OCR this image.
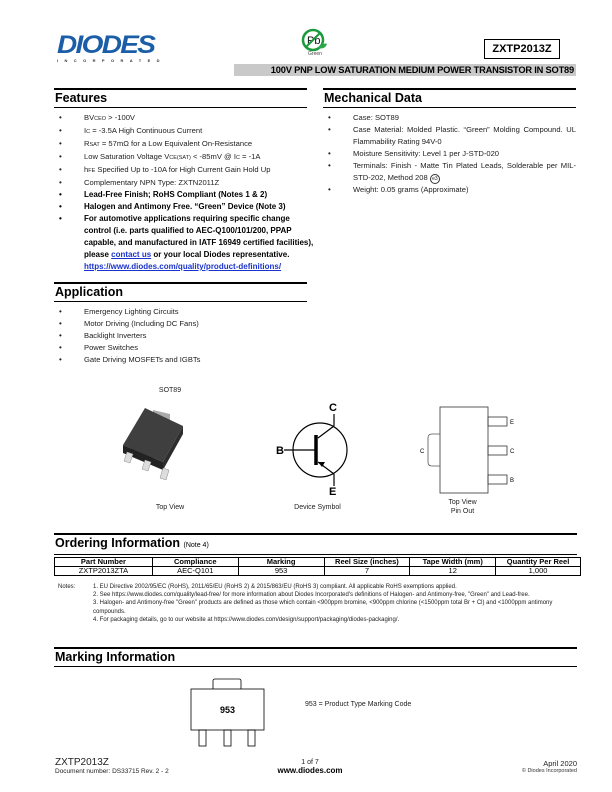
DIODES
INCORPORATED
Pb
Green	ZXTP2013Z
100V PNP LOW SATURATION MEDIUM POWER TRANSISTOR IN SOT89
Features
• BVCEO > -100V
• IC = -3.5A High Continuous Current
• RSAT = 57mΩ for a Low Equivalent On-Resistance
• Low Saturation Voltage VCE(SAT) < -85mV @ IC = -1A
• hFE Specified Up to -10A for High Current Gain Hold Up
• Complementary NPN Type: ZXTN2011Z
• Lead-Free Finish; RoHS Compliant (Notes 1 & 2)
• Halogen and Antimony Free. “Green” Device (Note 3)
• For automotive applications requiring specific change control (i.e. parts qualified to AEC-Q100/101/200, PPAP capable, and manufactured in IATF 16949 certified facilities), please contact us or your local Diodes representative.
https://www.diodes.com/quality/product-definitions/
Mechanical Data
• Case: SOT89
• Case Material: Molded Plastic. “Green” Molding Compound. UL Flammability Rating 94V-0
• Moisture Sensitivity: Level 1 per J-STD-020
• Terminals: Finish - Matte Tin Plated Leads, Solderable per MIL-STD-202, Method 208 e3
• Weight: 0.05 grams (Approximate)
Application
• Emergency Lighting Circuits
• Motor Driving (Including DC Fans)
• Backlight Inverters
• Power Switches
• Gate Driving MOSFETs and IGBTs
SOT89
Top View
C
B
E
Device Symbol
C
E
C
B
Top View
Pin Out
Ordering Information (Note 4)
Part Number	Compliance	Marking	Reel Size (inches)	Tape Width (mm)	Quantity Per Reel
ZXTP2013ZTA	AEC-Q101	953	7	12	1,000
Notes:	1. EU Directive 2002/95/EC (RoHS), 2011/65/EU (RoHS 2) & 2015/863/EU (RoHS 3) compliant. All applicable RoHS exemptions applied.
2. See https://www.diodes.com/quality/lead-free/ for more information about Diodes Incorporated's definitions of Halogen- and Antimony-free, "Green" and Lead-free.
3. Halogen- and Antimony-free "Green" products are defined as those which contain <900ppm bromine, <900ppm chlorine (<1500ppm total Br + Cl) and <1000ppm antimony compounds.
4. For packaging details, go to our website at https://www.diodes.com/design/support/packaging/diodes-packaging/.
Marking Information
953
953 = Product Type Marking Code
ZXTP2013Z
Document number: DS33715 Rev. 2 - 2
1 of 7
www.diodes.com
April 2020
© Diodes Incorporated
